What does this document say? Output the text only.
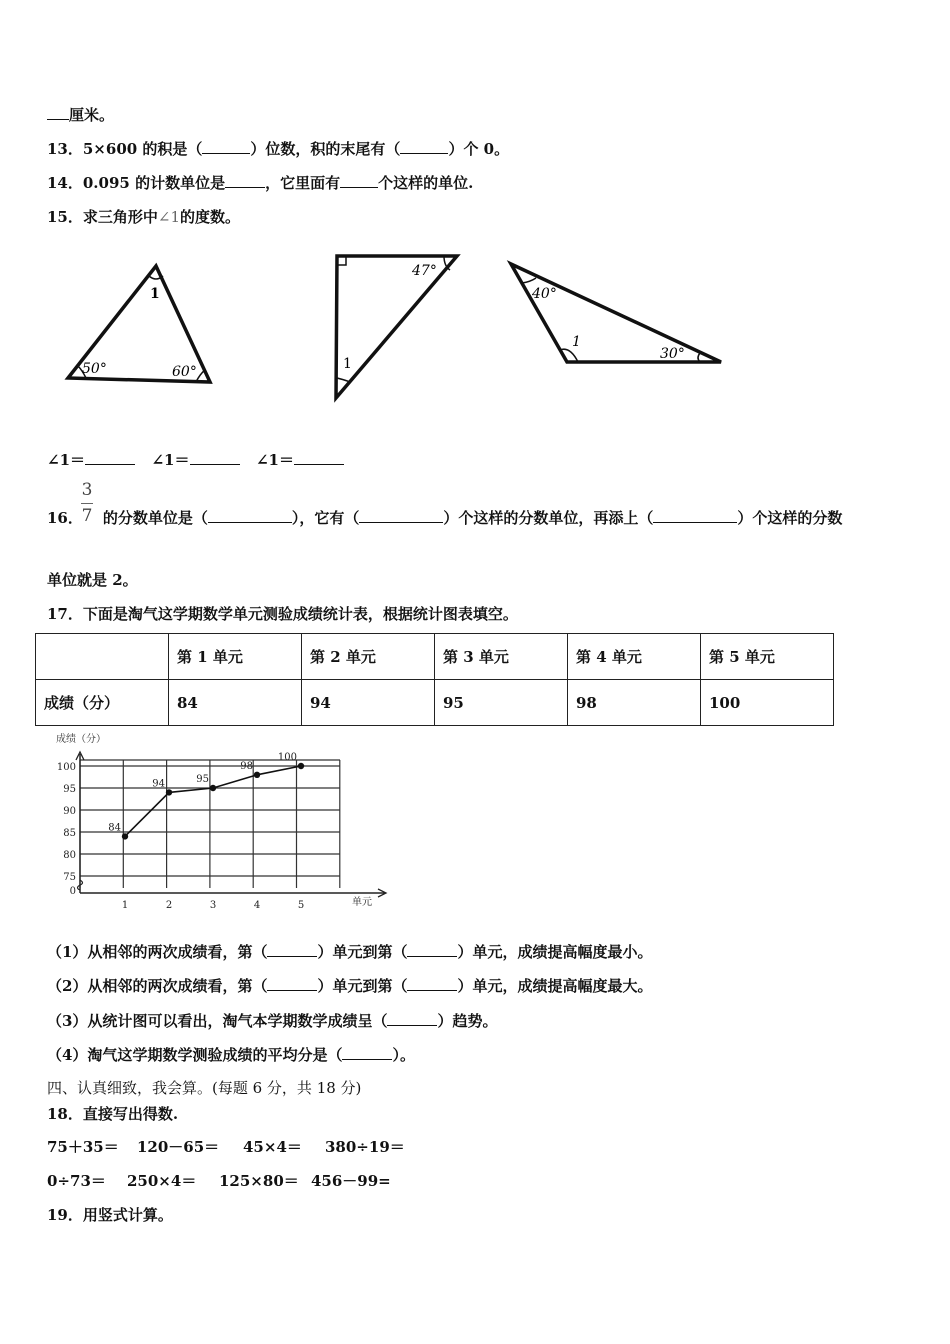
厘米。
13．5×600 的积是（	）位数，积的末尾有（	）个 0。
14．0.095 的计数单位是	，它里面有	个这样的单位.
15．求三角形中∠1的度数。
1
50°	60°
47°
1
40°
1
30°
∠1＝	∠1＝	∠1＝
3
7
16． 的分数单位是（	），它有（	）个这样的分数单位，再添上（	）个这样的分数
单位就是 2。
17．下面是淘气这学期数学单元测验成绩统计表，根据统计图表填空。
	第 1 单元	第 2 单元	第 3 单元	第 4 单元	第 5 单元
成绩（分）	84	94	95	98	100
成绩（分）
0
75
80
85
90
95
100
1	2	3	4	5	单元
84
94	95
98
100
（1）从相邻的两次成绩看，第（	）单元到第（	）单元，成绩提高幅度最小。
（2）从相邻的两次成绩看，第（	）单元到第（	）单元，成绩提高幅度最大。
（3）从统计图可以看出，淘气本学期数学成绩呈（	）趋势。
（4）淘气这学期数学测验成绩的平均分是（	）。
四、认真细致，我会算。(每题 6 分，共 18 分)
18．直接写出得数.
75＋35＝ 120－65＝ 45×4＝ 380÷19＝
0÷73＝ 250×4＝ 125×80＝ 456－99=
19．用竖式计算。
